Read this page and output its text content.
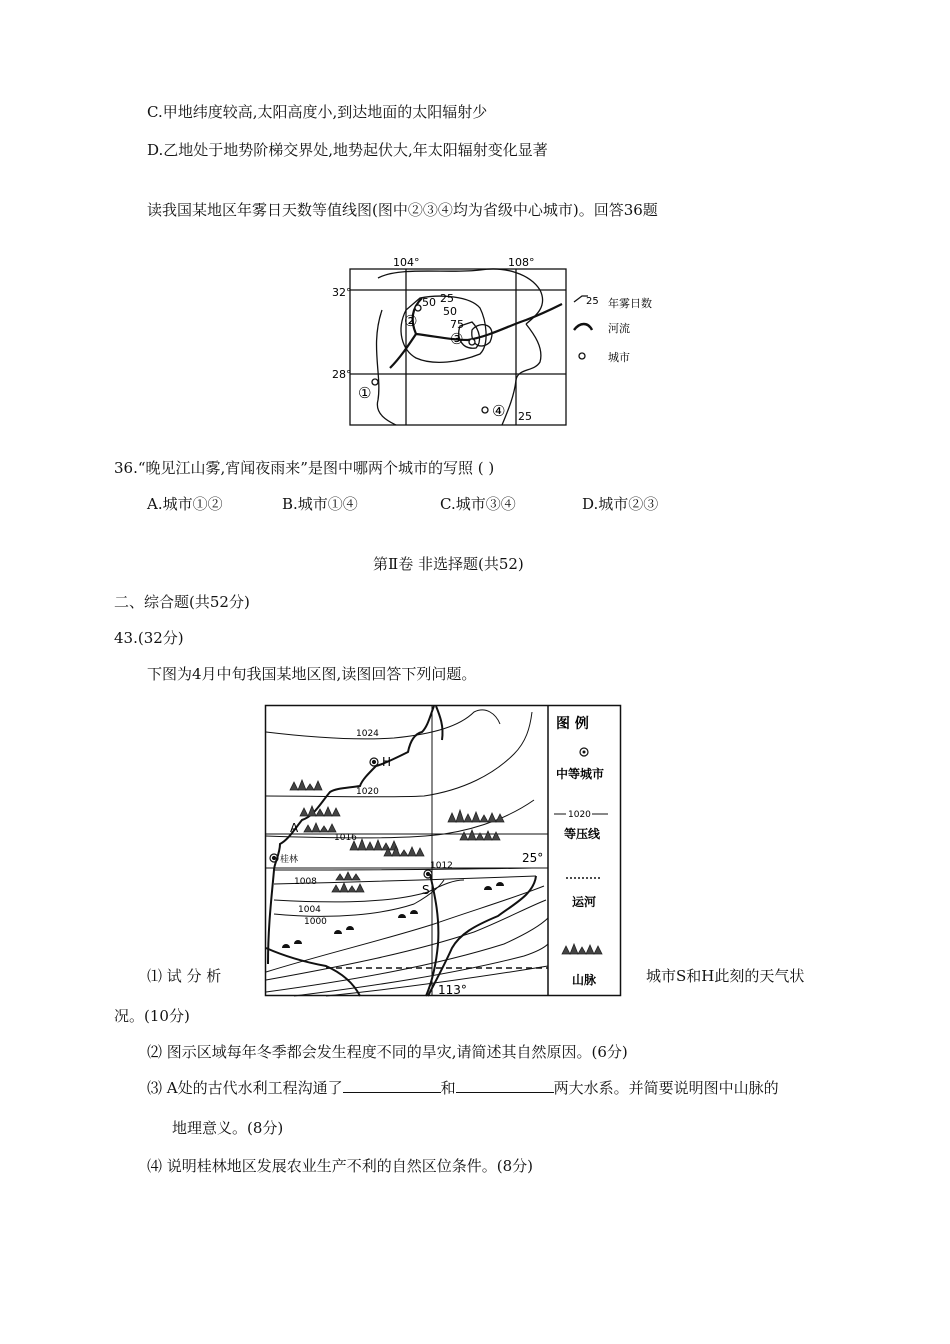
C.甲地纬度较高,太阳高度小,到达地面的太阳辐射少
D.乙地处于地势阶梯交界处,地势起伏大,年太阳辐射变化显著
读我国某地区年雾日天数等值线图(图中②③④均为省级中心城市)。回答36题
104°	108°
32°
28°
50 25
50
75
25
②
③
①
④
25 年雾日数
河流
城市
36.“晚见江山雾,宵闻夜雨来”是图中哪两个城市的写照 ( )
A.城市①②	B.城市①④	C.城市③④	D.城市②③
第Ⅱ卷 非选择题(共52)
二、综合题(共52分)
43.(32分)
下图为4月中旬我国某地区图,读图回答下列问题。
1024
1020
1016
1012
1008
1004
1000
H
A
桂林
S
25°
113°
图 例
中等城市
1020
等压线
运河
山脉
⑴ 试 分 析	城市S和H此刻的天气状
况。(10分)
⑵ 图示区域每年冬季都会发生程度不同的旱灾,请简述其自然原因。(6分)
⑶ A处的古代水利工程沟通了	和	两大水系。并简要说明图中山脉的
地理意义。(8分)
⑷ 说明桂林地区发展农业生产不利的自然区位条件。(8分)
